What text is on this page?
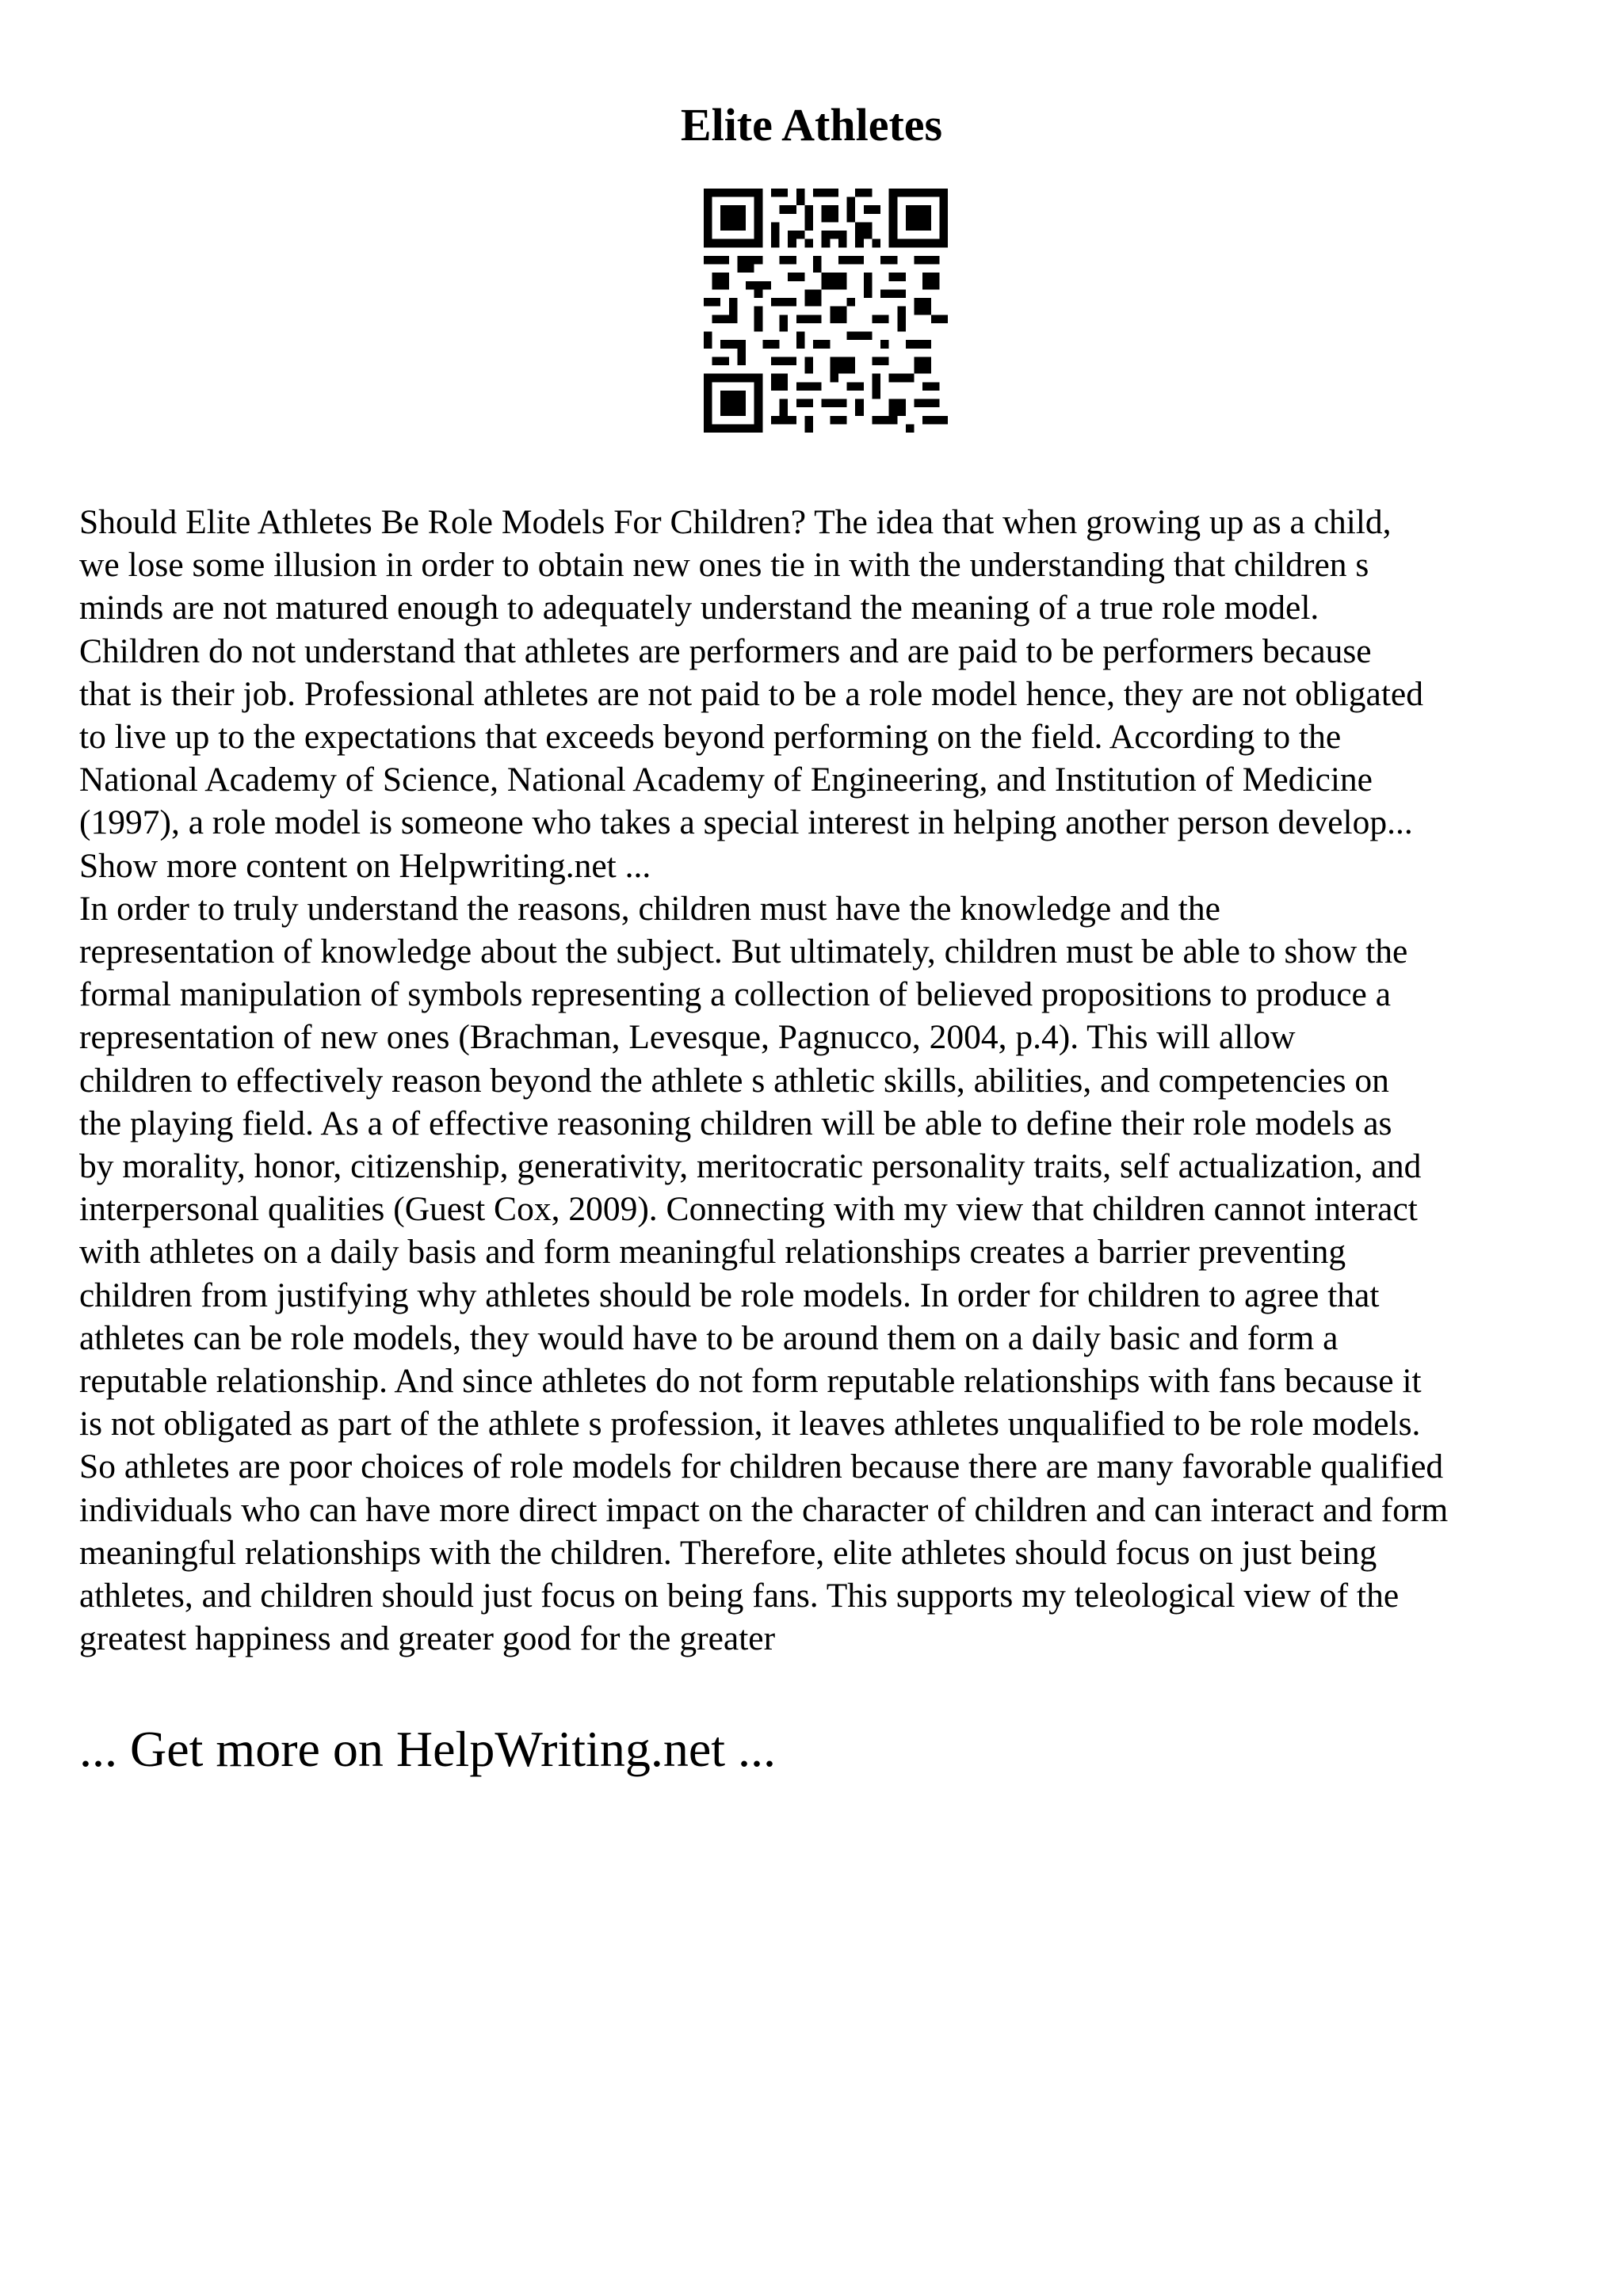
Elite Athletes
Should Elite Athletes Be Role Models For Children? The idea that when growing up as a child,
we lose some illusion in order to obtain new ones tie in with the understanding that children s
minds are not matured enough to adequately understand the meaning of a true role model.
Children do not understand that athletes are performers and are paid to be performers because
that is their job. Professional athletes are not paid to be a role model hence, they are not obligated
to live up to the expectations that exceeds beyond performing on the field. According to the
National Academy of Science, National Academy of Engineering, and Institution of Medicine
(1997), a role model is someone who takes a special interest in helping another person develop...
Show more content on Helpwriting.net ...
In order to truly understand the reasons, children must have the knowledge and the
representation of knowledge about the subject. But ultimately, children must be able to show the
formal manipulation of symbols representing a collection of believed propositions to produce a
representation of new ones (Brachman, Levesque, Pagnucco, 2004, p.4). This will allow
children to effectively reason beyond the athlete s athletic skills, abilities, and competencies on
the playing field. As a of effective reasoning children will be able to define their role models as
by morality, honor, citizenship, generativity, meritocratic personality traits, self actualization, and
interpersonal qualities (Guest Cox, 2009). Connecting with my view that children cannot interact
with athletes on a daily basis and form meaningful relationships creates a barrier preventing
children from justifying why athletes should be role models. In order for children to agree that
athletes can be role models, they would have to be around them on a daily basic and form a
reputable relationship. And since athletes do not form reputable relationships with fans because it
is not obligated as part of the athlete s profession, it leaves athletes unqualified to be role models.
So athletes are poor choices of role models for children because there are many favorable qualified
individuals who can have more direct impact on the character of children and can interact and form
meaningful relationships with the children. Therefore, elite athletes should focus on just being
athletes, and children should just focus on being fans. This supports my teleological view of the
greatest happiness and greater good for the greater
... Get more on HelpWriting.net ...
